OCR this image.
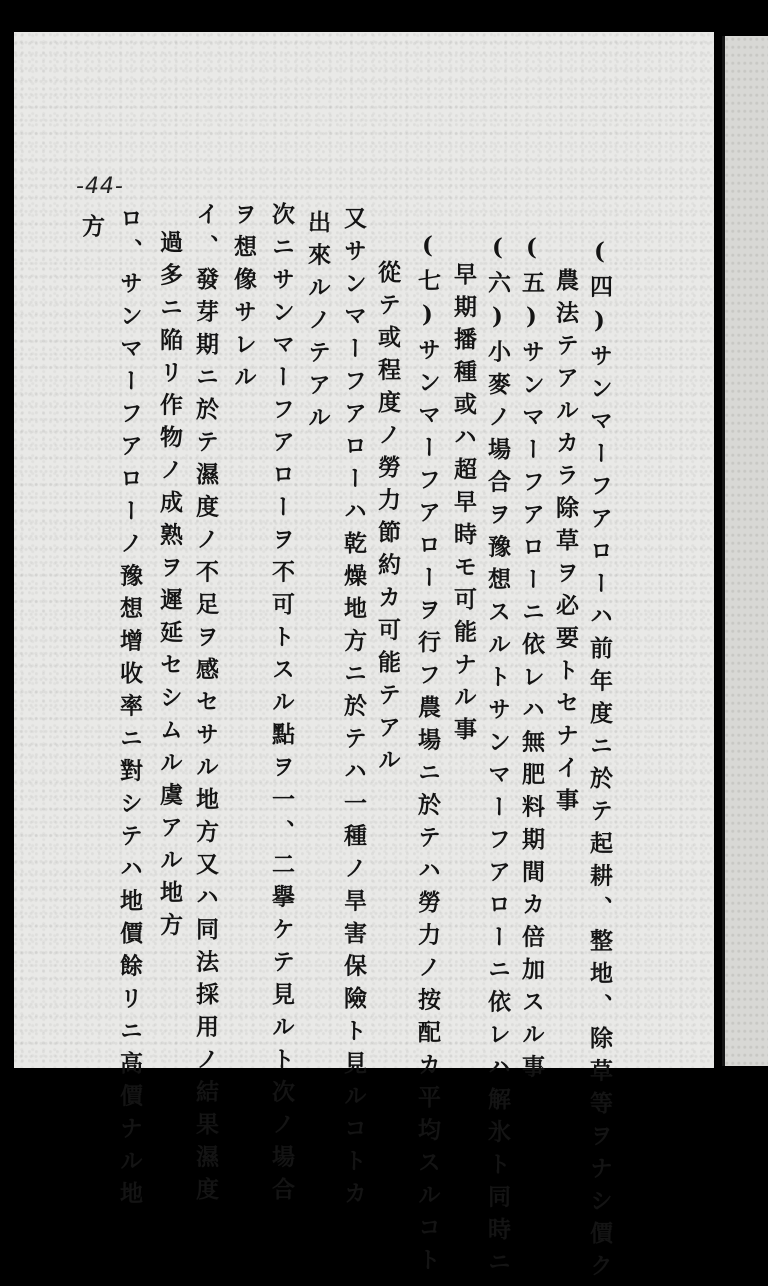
-44-
(四)サンマーフアローハ前年度ニ於テ起耕、整地、除草等ヲナシ價ク
農法テアルカラ除草ヲ必要トセナイ事
(五)サンマーフアローニ依レハ無肥料期間カ倍加スル事
(六)小麥ノ場合ヲ豫想スルトサンマーフアローニ依レハ解氷ト同時ニ
早期播種或ハ超早時モ可能ナル事
(七)サンマーフアローヲ行フ農場ニ於テハ勞力ノ按配カ平均スルコト
從テ或程度ノ勞力節約カ可能テアル
又サンマーフアローハ乾燥地方ニ於テハ一種ノ旱害保險ト見ルコトカ
出來ルノテアル
次ニサンマーフアローヲ不可トスル點ヲ一、二擧ケテ見ルト次ノ場合
ヲ想像サレル
イ、發芽期ニ於テ濕度ノ不足ヲ感セサル地方又ハ同法採用ノ結果濕度
過多ニ陥リ作物ノ成熟ヲ遲延セシムル虞アル地方
ロ、サンマーフアローノ豫想增收率ニ對シテハ地價餘リニ高價ナル地
方
